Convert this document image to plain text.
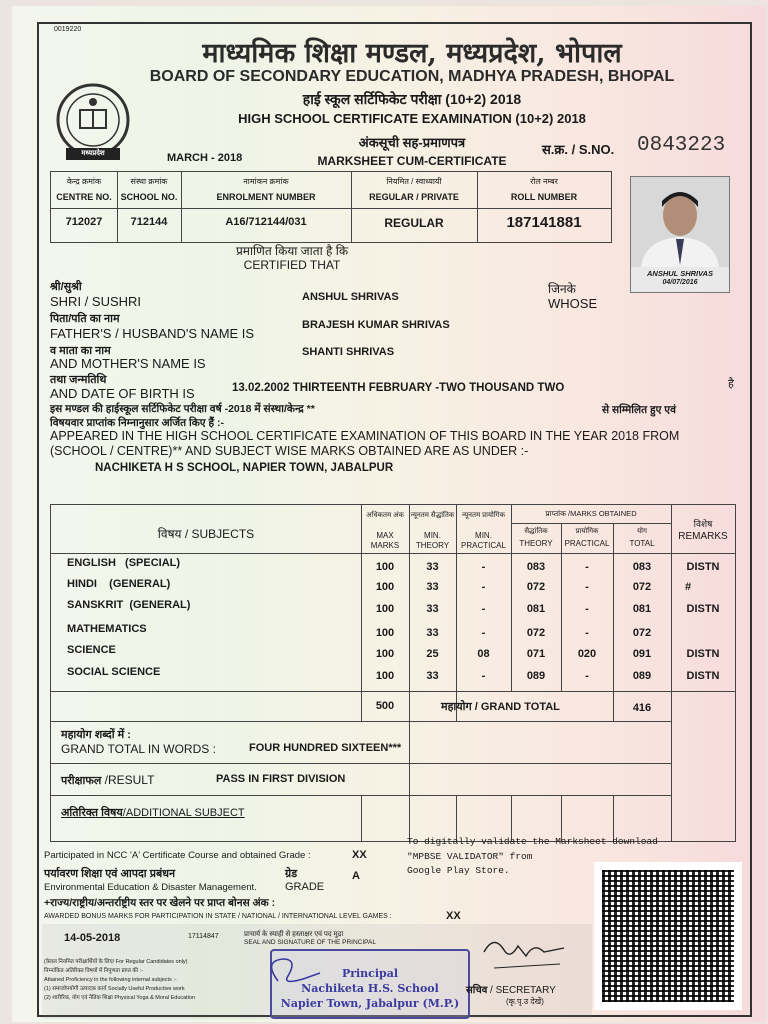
0019220
मध्यप्रदेश
माध्यमिक शिक्षा मण्डल, मध्यप्रदेश, भोपाल
BOARD OF SECONDARY EDUCATION, MADHYA PRADESH, BHOPAL
हाई स्कूल सर्टिफिकेट परीक्षा (10+2) 2018
HIGH SCHOOL CERTIFICATE EXAMINATION (10+2) 2018
अंकसूची सह-प्रमाणपत्र
MARKSHEET CUM-CERTIFICATE
MARCH - 2018
स.क्र. / S.NO. 0843223
केन्द्र क्रमांक
CENTRE NO.
संस्था क्रमांक
SCHOOL NO.
नामांकन क्रमांक
ENROLMENT NUMBER
नियमित / स्वाध्यायी
REGULAR / PRIVATE
रोल नम्बर
ROLL NUMBER
712027	712144	A16/712144/031	REGULAR	187141881
ANSHUL SHRIVAS
04/07/2016
प्रमाणित किया जाता है कि
CERTIFIED THAT
श्री/सुश्री
SHRI / SUSHRI	ANSHUL SHRIVAS
जिनके
WHOSE
पिता/पति का नाम
FATHER'S / HUSBAND'S NAME IS
BRAJESH KUMAR SHRIVAS
व माता का नाम
AND MOTHER'S NAME IS
SHANTI SHRIVAS
तथा जन्मतिथि
AND DATE OF BIRTH IS	13.02.2002 THIRTEENTH FEBRUARY -TWO THOUSAND TWO	है
इस मण्डल की हाईस्कूल सर्टिफिकेट परीक्षा वर्ष -2018 में संस्था/केन्द्र **	से सम्मिलित हुए एवं
विषयवार प्राप्तांक निम्नानुसार अर्जित किए हैं :-
APPEARED IN THE HIGH SCHOOL CERTIFICATE EXAMINATION OF THIS BOARD IN THE YEAR 2018 FROM
(SCHOOL / CENTRE)** AND SUBJECT WISE MARKS OBTAINED ARE AS UNDER :-
NACHIKETA H S SCHOOL, NAPIER TOWN, JABALPUR
विषय / SUBJECTS
अधिकतम अंक
MAX
MARKS
न्यूनतम सैद्धांतिक
MIN.
THEORY
न्यूनतम प्रायोगिक
MIN.
PRACTICAL
प्राप्तांक /MARKS OBTAINED
सैद्धांतिक
THEORY
प्रायोगिक
PRACTICAL
योग
TOTAL
विशेष
REMARKS
ENGLISH   (SPECIAL)	100	33	-	083	-	083	DISTN
HINDI    (GENERAL)	100	33	-	072	-	072	#
SANSKRIT  (GENERAL)	100	33	-	081	-	081	DISTN
MATHEMATICS	100	33	-	072	-	072
SCIENCE	100	25	08	071	020	091	DISTN
SOCIAL SCIENCE	100	33	-	089	-	089	DISTN
500	महायोग / GRAND TOTAL	416
महायोग शब्दों में :
GRAND TOTAL IN WORDS :	FOUR HUNDRED SIXTEEN***
परीक्षाफल /RESULT	PASS IN FIRST DIVISION
अतिरिक्त विषय/ADDITIONAL SUBJECT
Participated in NCC 'A' Certificate Course and obtained Grade :	XX
To digitally validate the Marksheet download
"MPBSE VALIDATOR" from
Google Play Store.
पर्यावरण शिक्षा एवं आपदा प्रबंधन
Environmental Education & Disaster Management.
ग्रेड
GRADE
A
+राज्य/राष्ट्रीय/अन्तर्राष्ट्रीय स्तर पर खेलने पर प्राप्त बोनस अंक :
AWARDED BONUS MARKS FOR PARTICIPATION IN STATE / NATIONAL / INTERNATIONAL LEVEL GAMES :	XX
14-05-2018	17114847	प्राचार्य के स्याही से हस्ताक्षर एवं पद मुद्रा
SEAL AND SIGNATURE OF THE PRINCIPAL
(केवल नियमित परीक्षार्थियों के लिए/ For Regular Candidates only)
निम्नांकित अतिरिक्त विषयों में निपुणता प्राप्त की :-
Attained Proficiency in the following internal subjects :-
(1) समाजोपयोगी उत्पादक कार्य Socially Useful Productive work
(2) शारीरिक, योग एवं नैतिक शिक्षा Physical Yoga & Moral Education
Principal
Nachiketa H.S. School
Napier Town, Jabalpur (M.P.)
सचिव / SECRETARY
(कृ.पृ.उ देखें)
